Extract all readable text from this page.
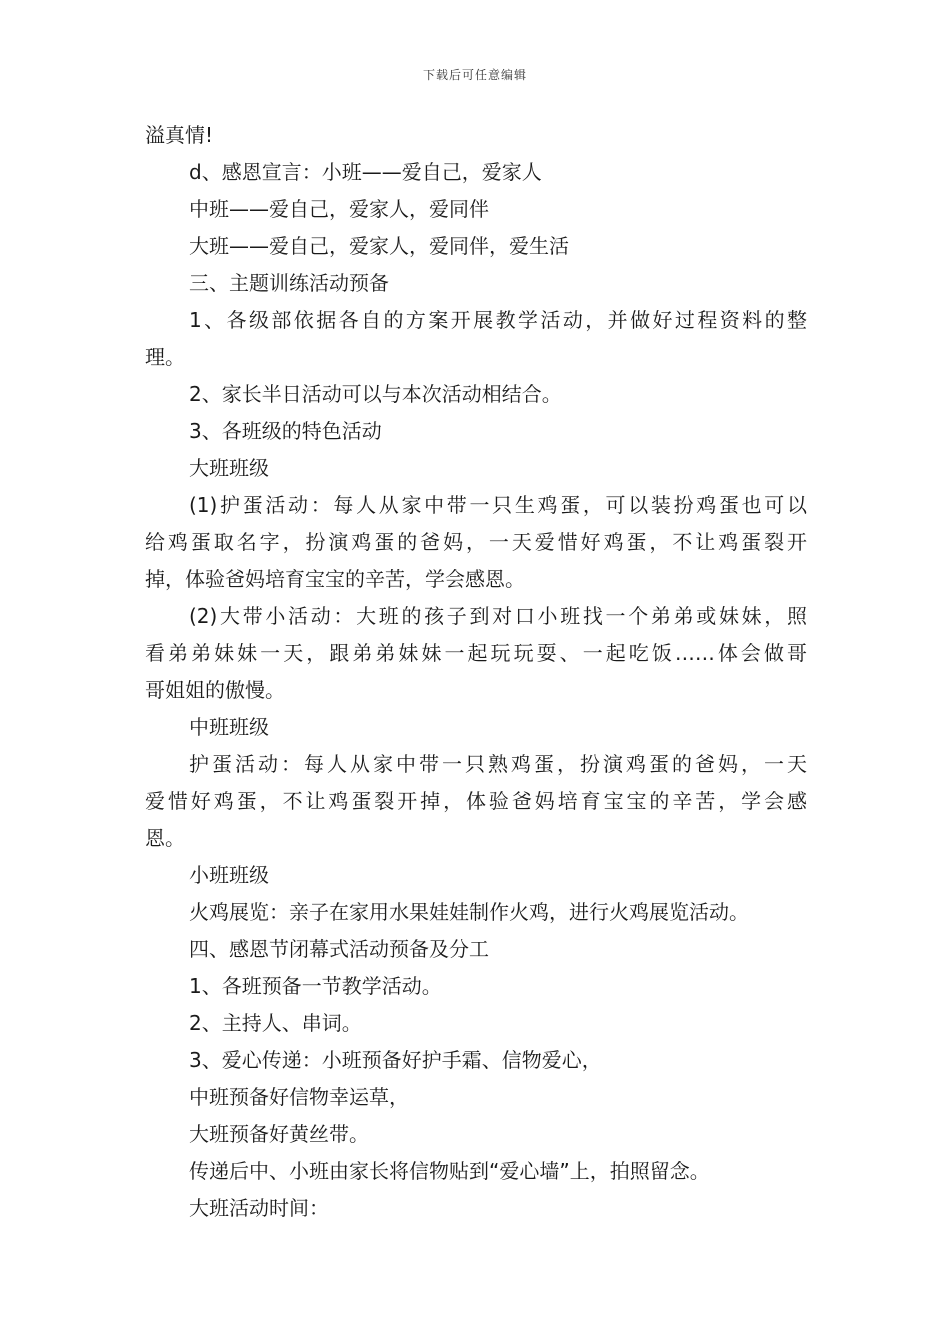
下载后可任意编辑
溢真情!
d、感恩宣言：小班——爱自己，爱家人
中班——爱自己，爱家人，爱同伴
大班——爱自己，爱家人，爱同伴，爱生活
三、主题训练活动预备
1、各级部依据各自的方案开展教学活动，并做好过程资料的整
理。
2、家长半日活动可以与本次活动相结合。
3、各班级的特色活动
大班班级
(1)护蛋活动：每人从家中带一只生鸡蛋，可以装扮鸡蛋也可以
给鸡蛋取名字，扮演鸡蛋的爸妈，一天爱惜好鸡蛋，不让鸡蛋裂开
掉，体验爸妈培育宝宝的辛苦，学会感恩。
(2)大带小活动：大班的孩子到对口小班找一个弟弟或妹妹，照
看弟弟妹妹一天，跟弟弟妹妹一起玩玩耍、一起吃饭……体会做哥
哥姐姐的傲慢。
中班班级
护蛋活动：每人从家中带一只熟鸡蛋，扮演鸡蛋的爸妈，一天
爱惜好鸡蛋，不让鸡蛋裂开掉，体验爸妈培育宝宝的辛苦，学会感
恩。
小班班级
火鸡展览：亲子在家用水果娃娃制作火鸡，进行火鸡展览活动。
四、感恩节闭幕式活动预备及分工
1、各班预备一节教学活动。
2、主持人、串词。
3、爱心传递：小班预备好护手霜、信物爱心，
中班预备好信物幸运草，
大班预备好黄丝带。
传递后中、小班由家长将信物贴到“爱心墙”上，拍照留念。
大班活动时间：
